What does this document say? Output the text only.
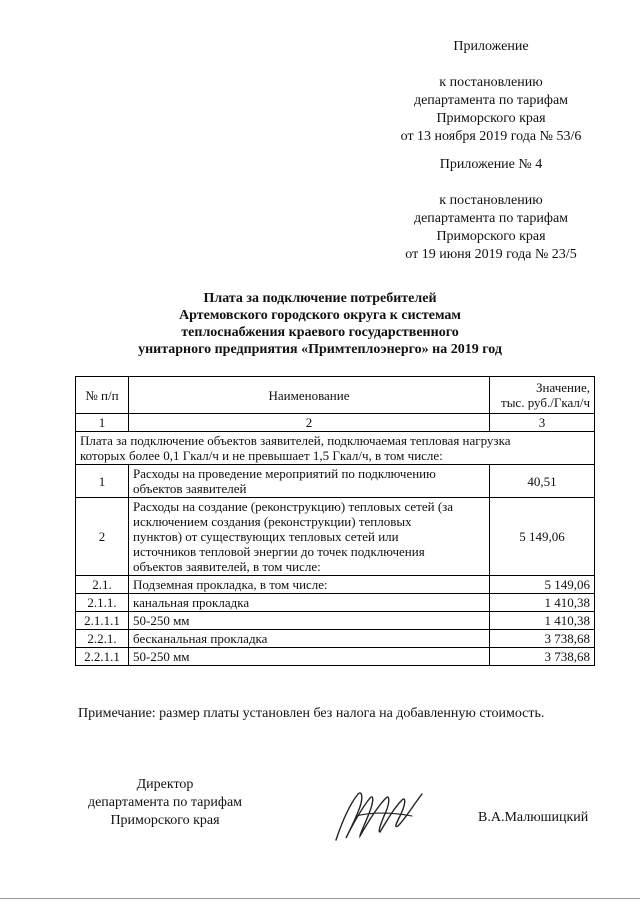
Приложение
к постановлению
департамента по тарифам
Приморского края
от 13 ноября 2019 года № 53/6
Приложение № 4
к постановлению
департамента по тарифам
Приморского края
от 19 июня 2019 года № 23/5
Плата за подключение потребителей
Артемовского городского округа к системам
теплоснабжения краевого государственного
унитарного предприятия «Примтеплоэнерго» на 2019 год
№ п/п	Наименование	Значение,
тыс. руб./Гкал/ч

1	2	3

Плата за подключение объектов заявителей, подключаемая тепловая нагрузка
которых более 0,1 Гкал/ч и не превышает 1,5 Гкал/ч, в том числе:		

1	Расходы на проведение мероприятий по подключению
объектов заявителей	40,51
2	Расходы на создание (реконструкцию) тепловых сетей (за
исключением создания (реконструкции) тепловых
пунктов) от существующих тепловых сетей или
источников тепловой энергии до точек подключения
объектов заявителей, в том числе:	5 149,06
2.1.	Подземная прокладка, в том числе:	5 149,06
2.1.1.	канальная прокладка	1 410,38
2.1.1.1	50-250 мм	1 410,38
2.2.1.	бесканальная прокладка	3 738,68
2.2.1.1	50-250 мм	3 738,68
Примечание: размер платы установлен без налога на добавленную стоимость.
Директор
департамента по тарифам
Приморского края	В.А.Малюшицкий
